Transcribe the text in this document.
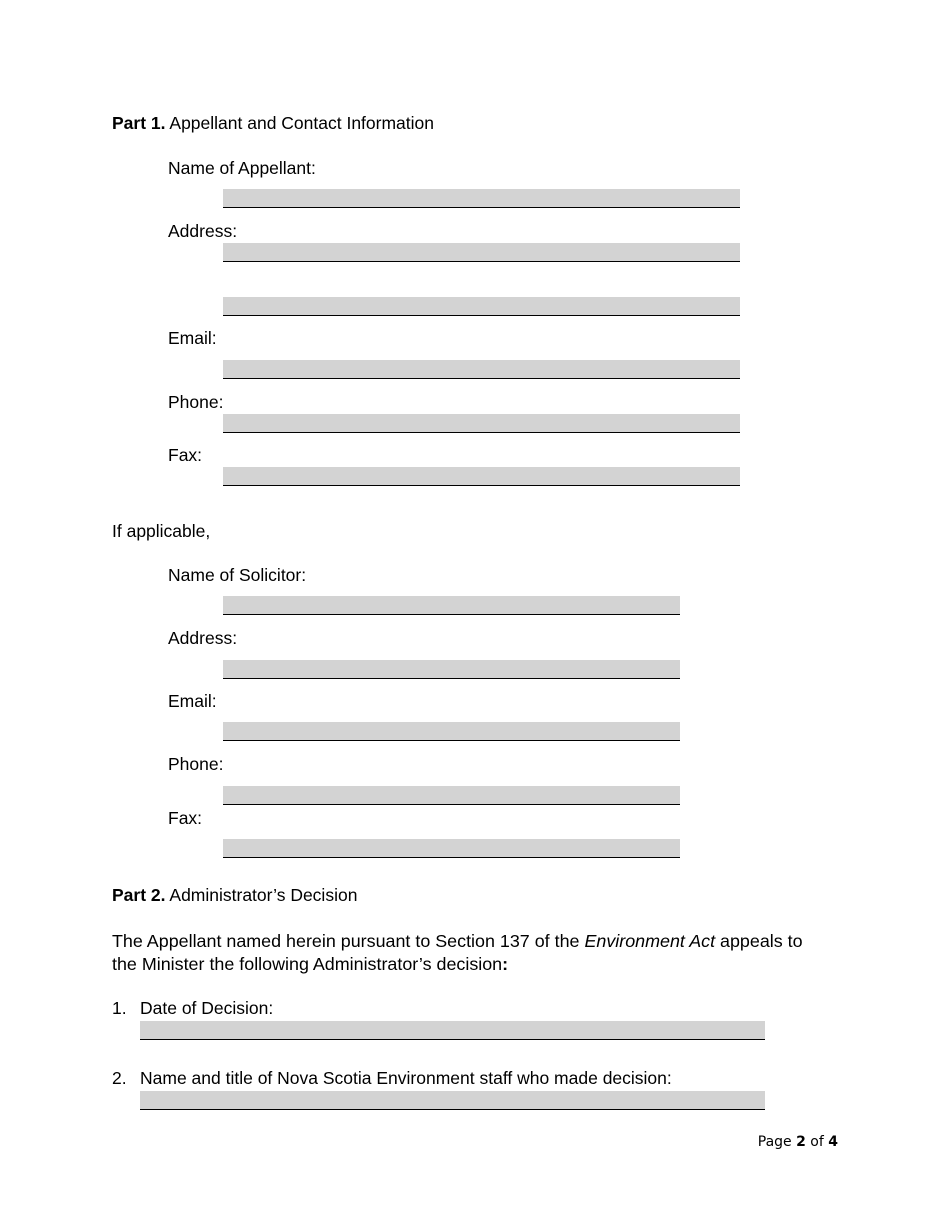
Part 1. Appellant and Contact Information
Name of Appellant:
Address:
Email:
Phone:
Fax:
If applicable,
Name of Solicitor:
Address:
Email:
Phone:
Fax:
Part 2. Administrator’s Decision
The Appellant named herein pursuant to Section 137 of the Environment Act appeals to
the Minister the following Administrator’s decision:
1. Date of Decision:
2. Name and title of Nova Scotia Environment staff who made decision:
Page 2 of 4
